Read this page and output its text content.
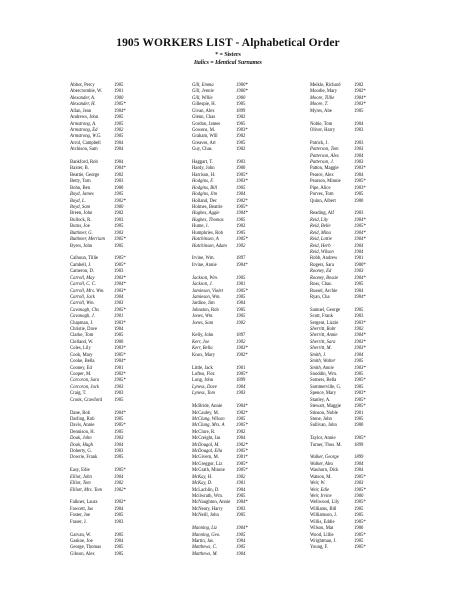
1905 WORKERS LIST - Alphabetical Order
* = Sisters
Italics = Identical Surnames
Abbot, Percy	1905
Abercrombie, W.	1901
Alexander, A.	1900
Alexander, H.	1905*
Allan, Jean	1904*
Andrews, John	1905
Armstrong, A.	1905
Armstrong, Ed	1902
Armstrong, W.G.	1905
Arrol, Campbell	1904
Atchison, Sam	1904
Bankford, Rob	1904
Baxter, B.	1904*
Beattie, George	1902
Betty, Tom	1903
Bohn, Ben	1900
Boyd, James	1905
Boyd, L.	1902*
Boyd, Sam	1900
Breen, John	1902
Bullock, R.	1903
Burns, Joe	1905
Buttimer, G.	1903
Buttimer, Merriam 1905*
Byers, John	1905
Calhoun, Tillie	1905*
Cambell, J.	1905*
Cameron, D.	1903
Carroll, May	1903*
Carroll, C. C.	1904*
Carroll, Mrs. Wm. 1903*
Carroll, Jack	1904
Carroll, Wm.	1903
Cavanagh, Chs	1905*
Cavanagh, J.	1901
Chapman, J.	1903*
Christie, Dave	1904
Clarke, Tom	1905
Clelland, W.	1900
Coles, Lily	1903*
Cook, Mary	1905*
Cooke, Bella	1904*
Cooney, Ed	1901
Cooper, M.	1902*
Corcoran, Sara	1905*
Corcoran, Jack	1903
Craig, T.	1903
Crook, Crawford	1905
Dane, Rob	1904*
Darling, Rob	1905
Davis, Annie	1905*
Dennison, H.	1905
Doak, John	1903
Doak, Hugh	1904
Doherty, G.	1903
Dowrie, Frank	1905
Easy, Edie	1905*
Elliot, John	1904
Elliot, Tom	1902
Elliott, Mrs. Tom	1902*
Falkner, Laura	1902*
Fawcett, Jas	1904
Foster, Joe	1905
Fraser, J.	1903
Garvan, W.	1905
Gaskoe, Joe	1904
George, Thomas	1905
Gibson, Alex	1905
Gill, Emma	1900*
Gill, Jennie	1900*
Gill, Willie	1900
Gillespie, H.	1905
Givan, Alex	1899
Glenn, Chas	1902
Gordon, James	1905
Gowens, M.	1903*
Graham, Will	1902
Greaves, Art	1905
Guy, Chas.	1902
Haggart, T.	1903
Hardy, John	1900
Harrison, H.	1905*
Hodgins, F.	1903*
Hodgins, Bill	1905
Hodgins, Jim	1904
Holland, Dec	1902*
Holmes, Beatrie	1905*
Hughes, Aggie	1904*
Hughes, Thomas	1905
Hume, J.	1902
Humphries, Rob	1905
Hutchinson, A	1905*
Hutchinson, Adam 1902
Irvine, Wm.	1897
Irvine, Annie	1904*
Jackson, Wm.	1905
Jackson, J.	1901
Jamieson, Violet	1905*
Jamieson, Wm.	1905
Jardine, Jim	1904
Johnston, Rob	1905
Jones, Wm.	1905
Jones, Sam	1902
Kelly, John	1897
Kerr, Joe	1902
Kerr, Bella	1903*
Knox, Mary	1902*
Little, Jack	1901
Loftus, Flor.	1905*
Long, John	1899
Lyness, Dave	1904
Lyness, Tom	1903
McBride, Annie	1904*
McCauley, M.	1902*
McClung, Wilson 1905
McClung, Mrs. A 1905*
McClure, R.	1902
McCreight, Jas	1904
McDougal, M.	1902*
McDougal, Ella	1905*
McGivern, M.	1901*
McGreggor, Liz	1905*
McGrath, Minnie 1905*
McKay, H.	1902
McKay, D.	1901
McLachlin, D.	1904
Mcilwrath, Wm.	1905
McNaughton, Annie 1904*
McNeary, Harry	1903
McNeill, John	1905
Manning, Liz	1904*
Manning, Geo.	1905
Martin, Jas.	1904
Matthews, C.	1905
Matthews, M.	1904
Meikle, Richard	1902
Moodie, Mary	1902*
Moore, Tillie	1904*
Moore, T.	1903*
Myres, Abe	1905
Noble, Tom	1904
Oliver, Harry	1903
Patrick, J.	1903
Patterson, Tom	1903
Patterson, Alex	1904
Patterson, J.	1903
Patton, Maggie	1903*
Pearce, Alex	1904
Pearson, Minnie	1905*
Pipe, Alice	1903*
Purves, Tom	1905
Quinn, Albert	1900
Reading, Alf	1903
Reid, Lily	1904*
Reid, Belle	1905*
Reid, Mina	1904*
Reid, Lottie	1904*
Reid, Herb	1904
Reid, Wilson	1904
Robb, Andrew	1901
Rogers, Sara	1900*
Rooney, Ed	1903
Rooney, Bessie	1904*
Ross, Chas.	1905
Russel, Archie	1904
Ryan, Cha	1904*
Samuel, George	1905
Scott, Frank	1903
Sergent, Lizzie	1903*
Sherritt, Robt	1902
Sherritt, Annie	1904*
Sherritt, Sara	1903*
Sherritt, M.	1903*
Smith, J.	1904
Smith, Walter	1905
Smith, Annie	1903*
Snoddin, Wm.	1905
Somers, Bella	1905*
Sommerville, G.	1905
Spence, Mary	1903*
Stanley, A.	1905*
Stewart, Maggie	1905*
Stinson, Noble	1901
Stone, John	1905
Sullivan, John	1900
Taylor, Annie	1905*
Turner, Thos. M.	1899
Walker, George	1899
Walker, Alex	1904
Wauhorn, Dick	1904
Watson, M.	1905*
Weir, W.	1903
Weir, Edie	1905*
Weir, Irvine	1900
Wellwood, Lily	1905*
Williams, Bill	1905
Williamson, J.	1905
Willis, Eddie	1905*
Wilson, Mat	1900
Wood, Lillie	1905*
Wrightman, J.	1905
Young, F.	1905*
